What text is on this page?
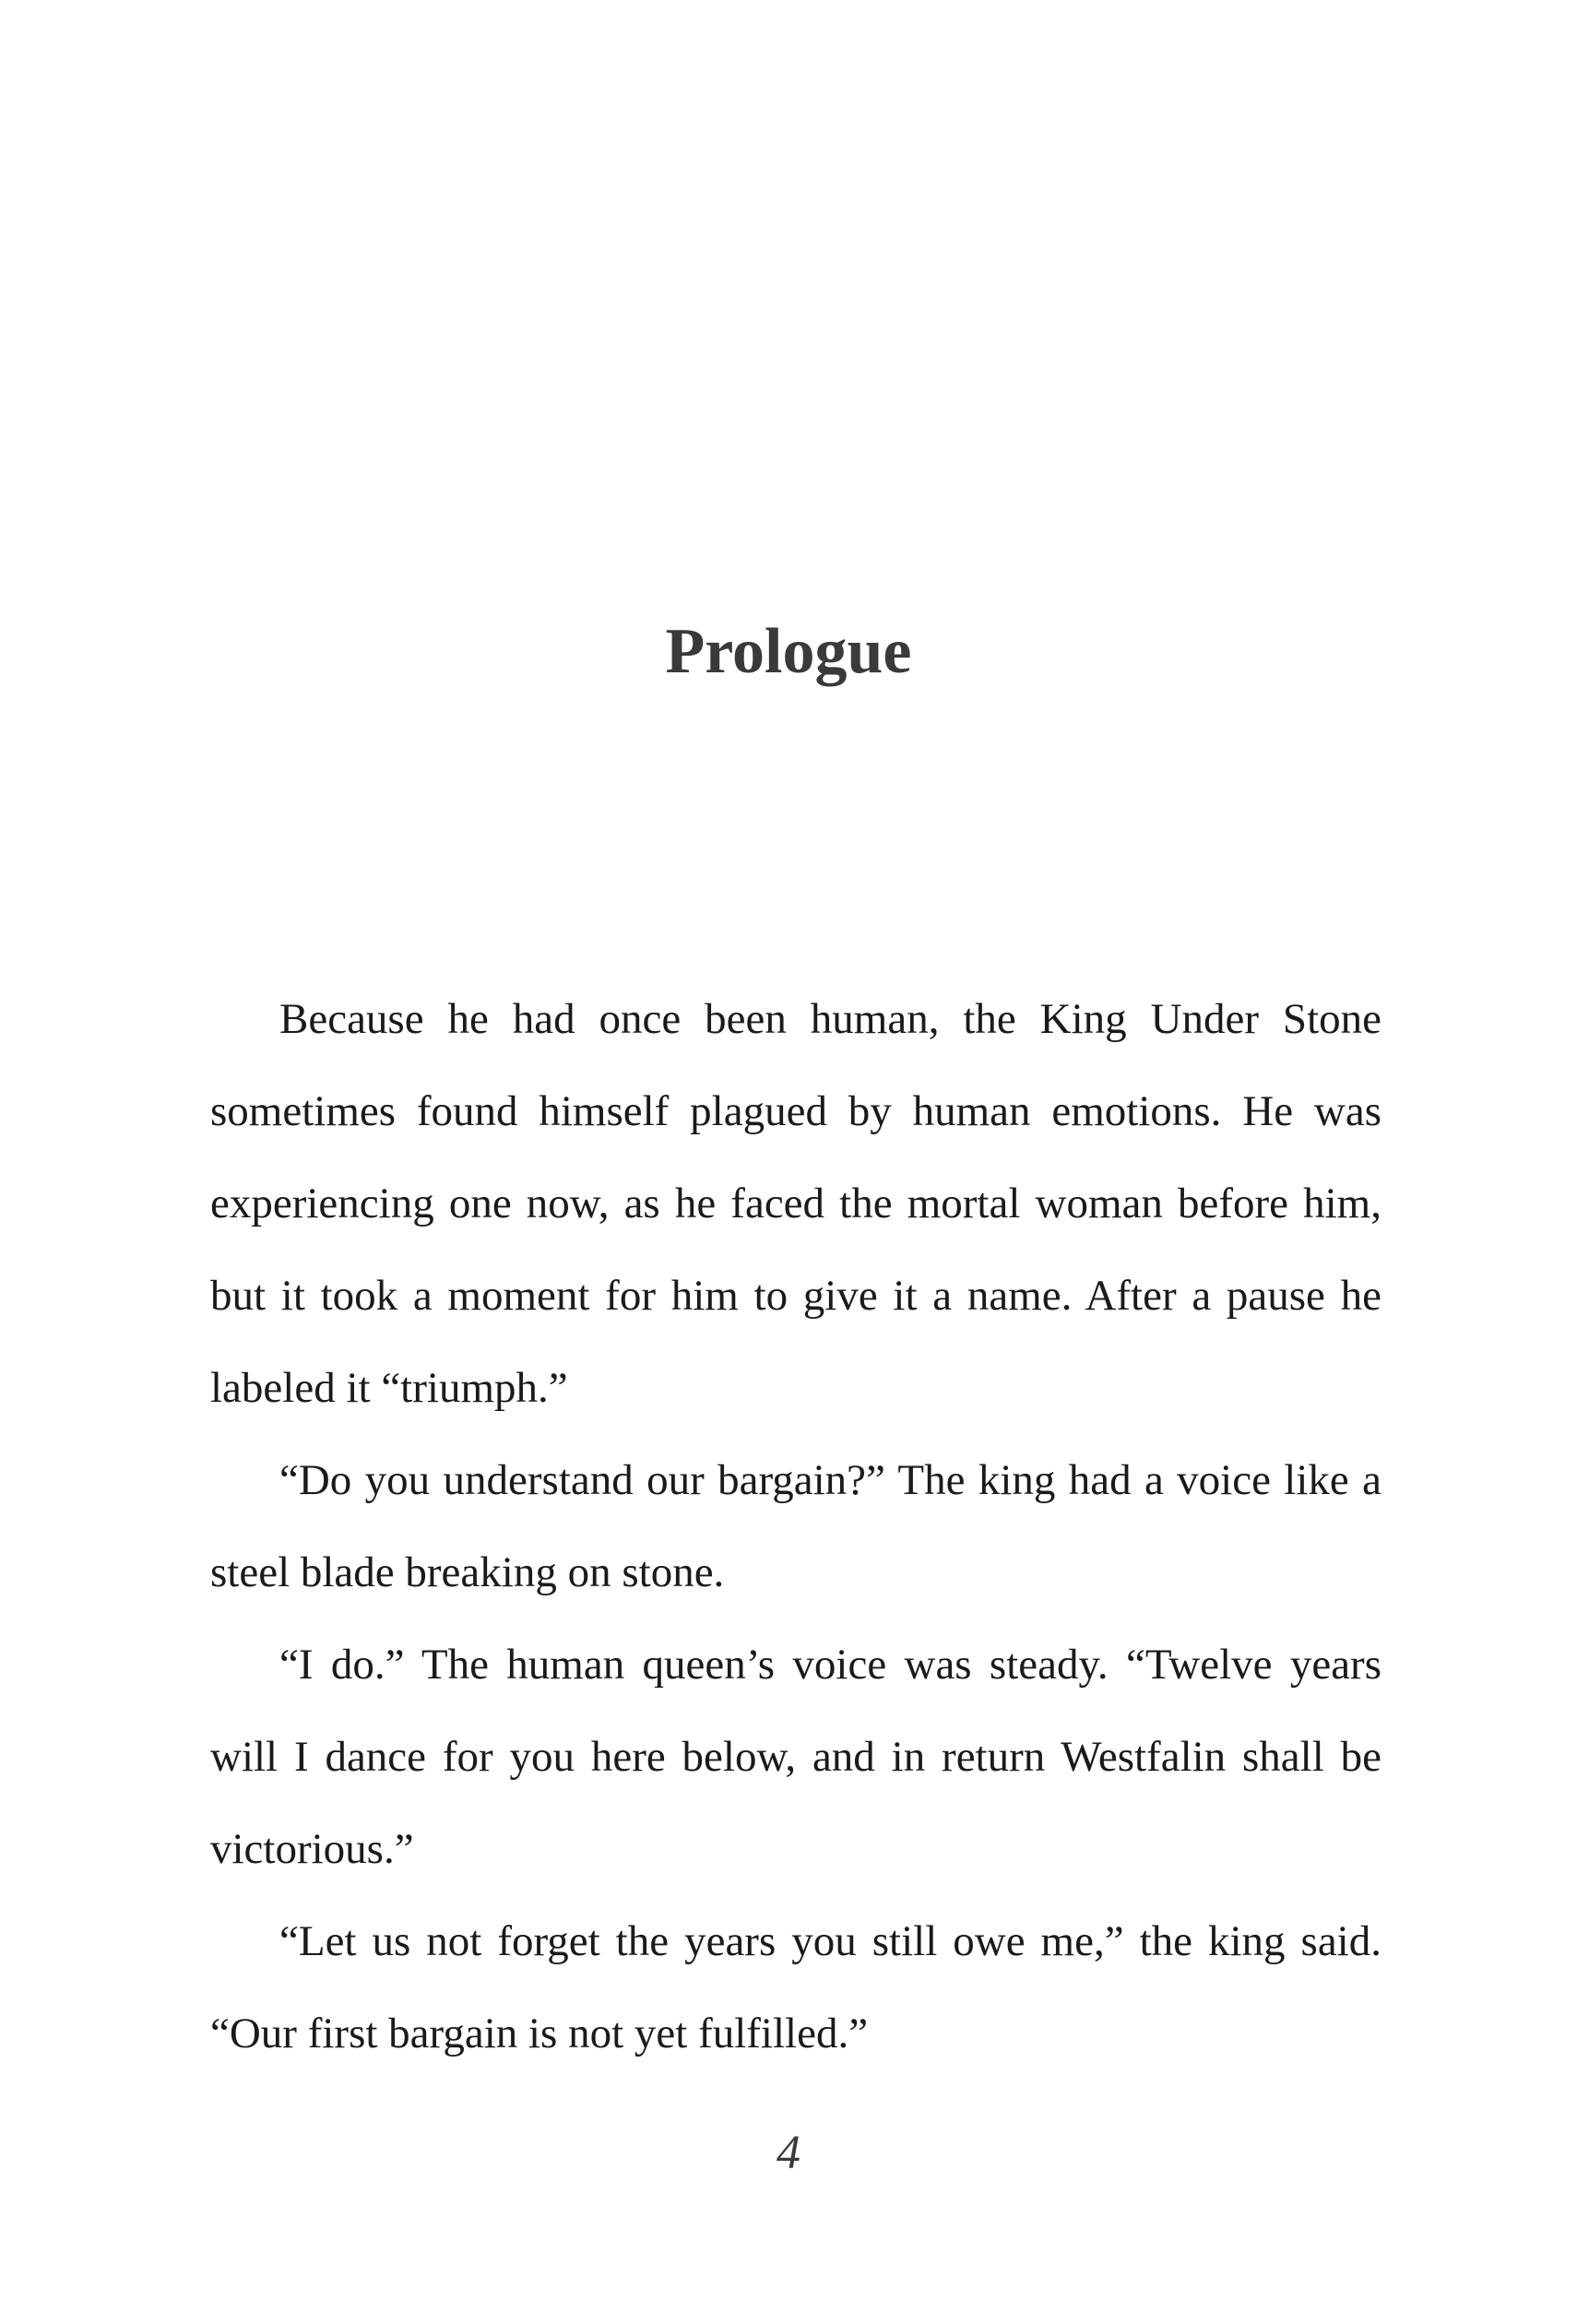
Prologue

Because he had once been human, the King Under Stone sometimes found himself plagued by human emotions. He was experiencing one now, as he faced the mortal woman before him, but it took a moment for him to give it a name. After a pause he labeled it “triumph.”

“Do you understand our bargain?” The king had a voice like a steel blade breaking on stone.

“I do.” The human queen’s voice was steady. “Twelve years will I dance for you here below, and in return Westfalin shall be victorious.”

“Let us not forget the years you still owe me,” the king said. “Our first bargain is not yet fulfilled.”

4
